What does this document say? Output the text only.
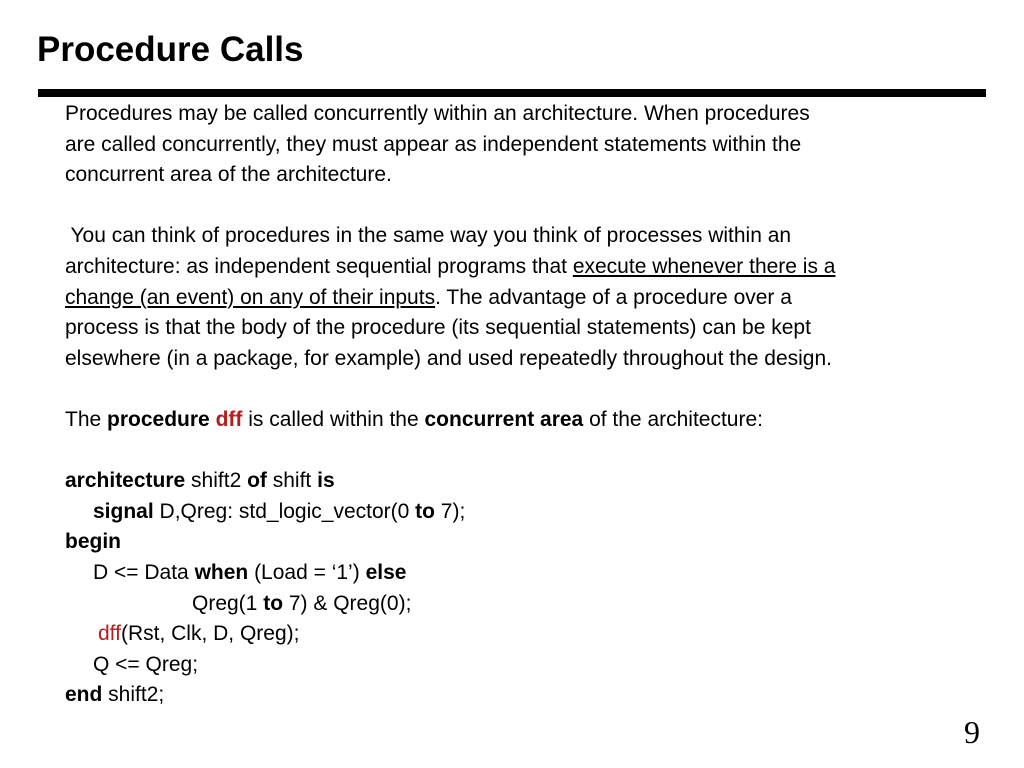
Procedure Calls
Procedures may be called concurrently within an architecture. When procedures
are called concurrently, they must appear as independent statements within the
concurrent area of the architecture.
You can think of procedures in the same way you think of processes within an
architecture: as independent sequential programs that execute whenever there is a
change (an event) on any of their inputs. The advantage of a procedure over a
process is that the body of the procedure (its sequential statements) can be kept
elsewhere (in a package, for example) and used repeatedly throughout the design.
The procedure dff is called within the concurrent area of the architecture:
architecture shift2 of shift is
signal D,Qreg: std_logic_vector(0 to 7);
begin
D <= Data when (Load = ‘1’) else
Qreg(1 to 7) & Qreg(0);
dff(Rst, Clk, D, Qreg);
Q <= Qreg;
end shift2;
9
